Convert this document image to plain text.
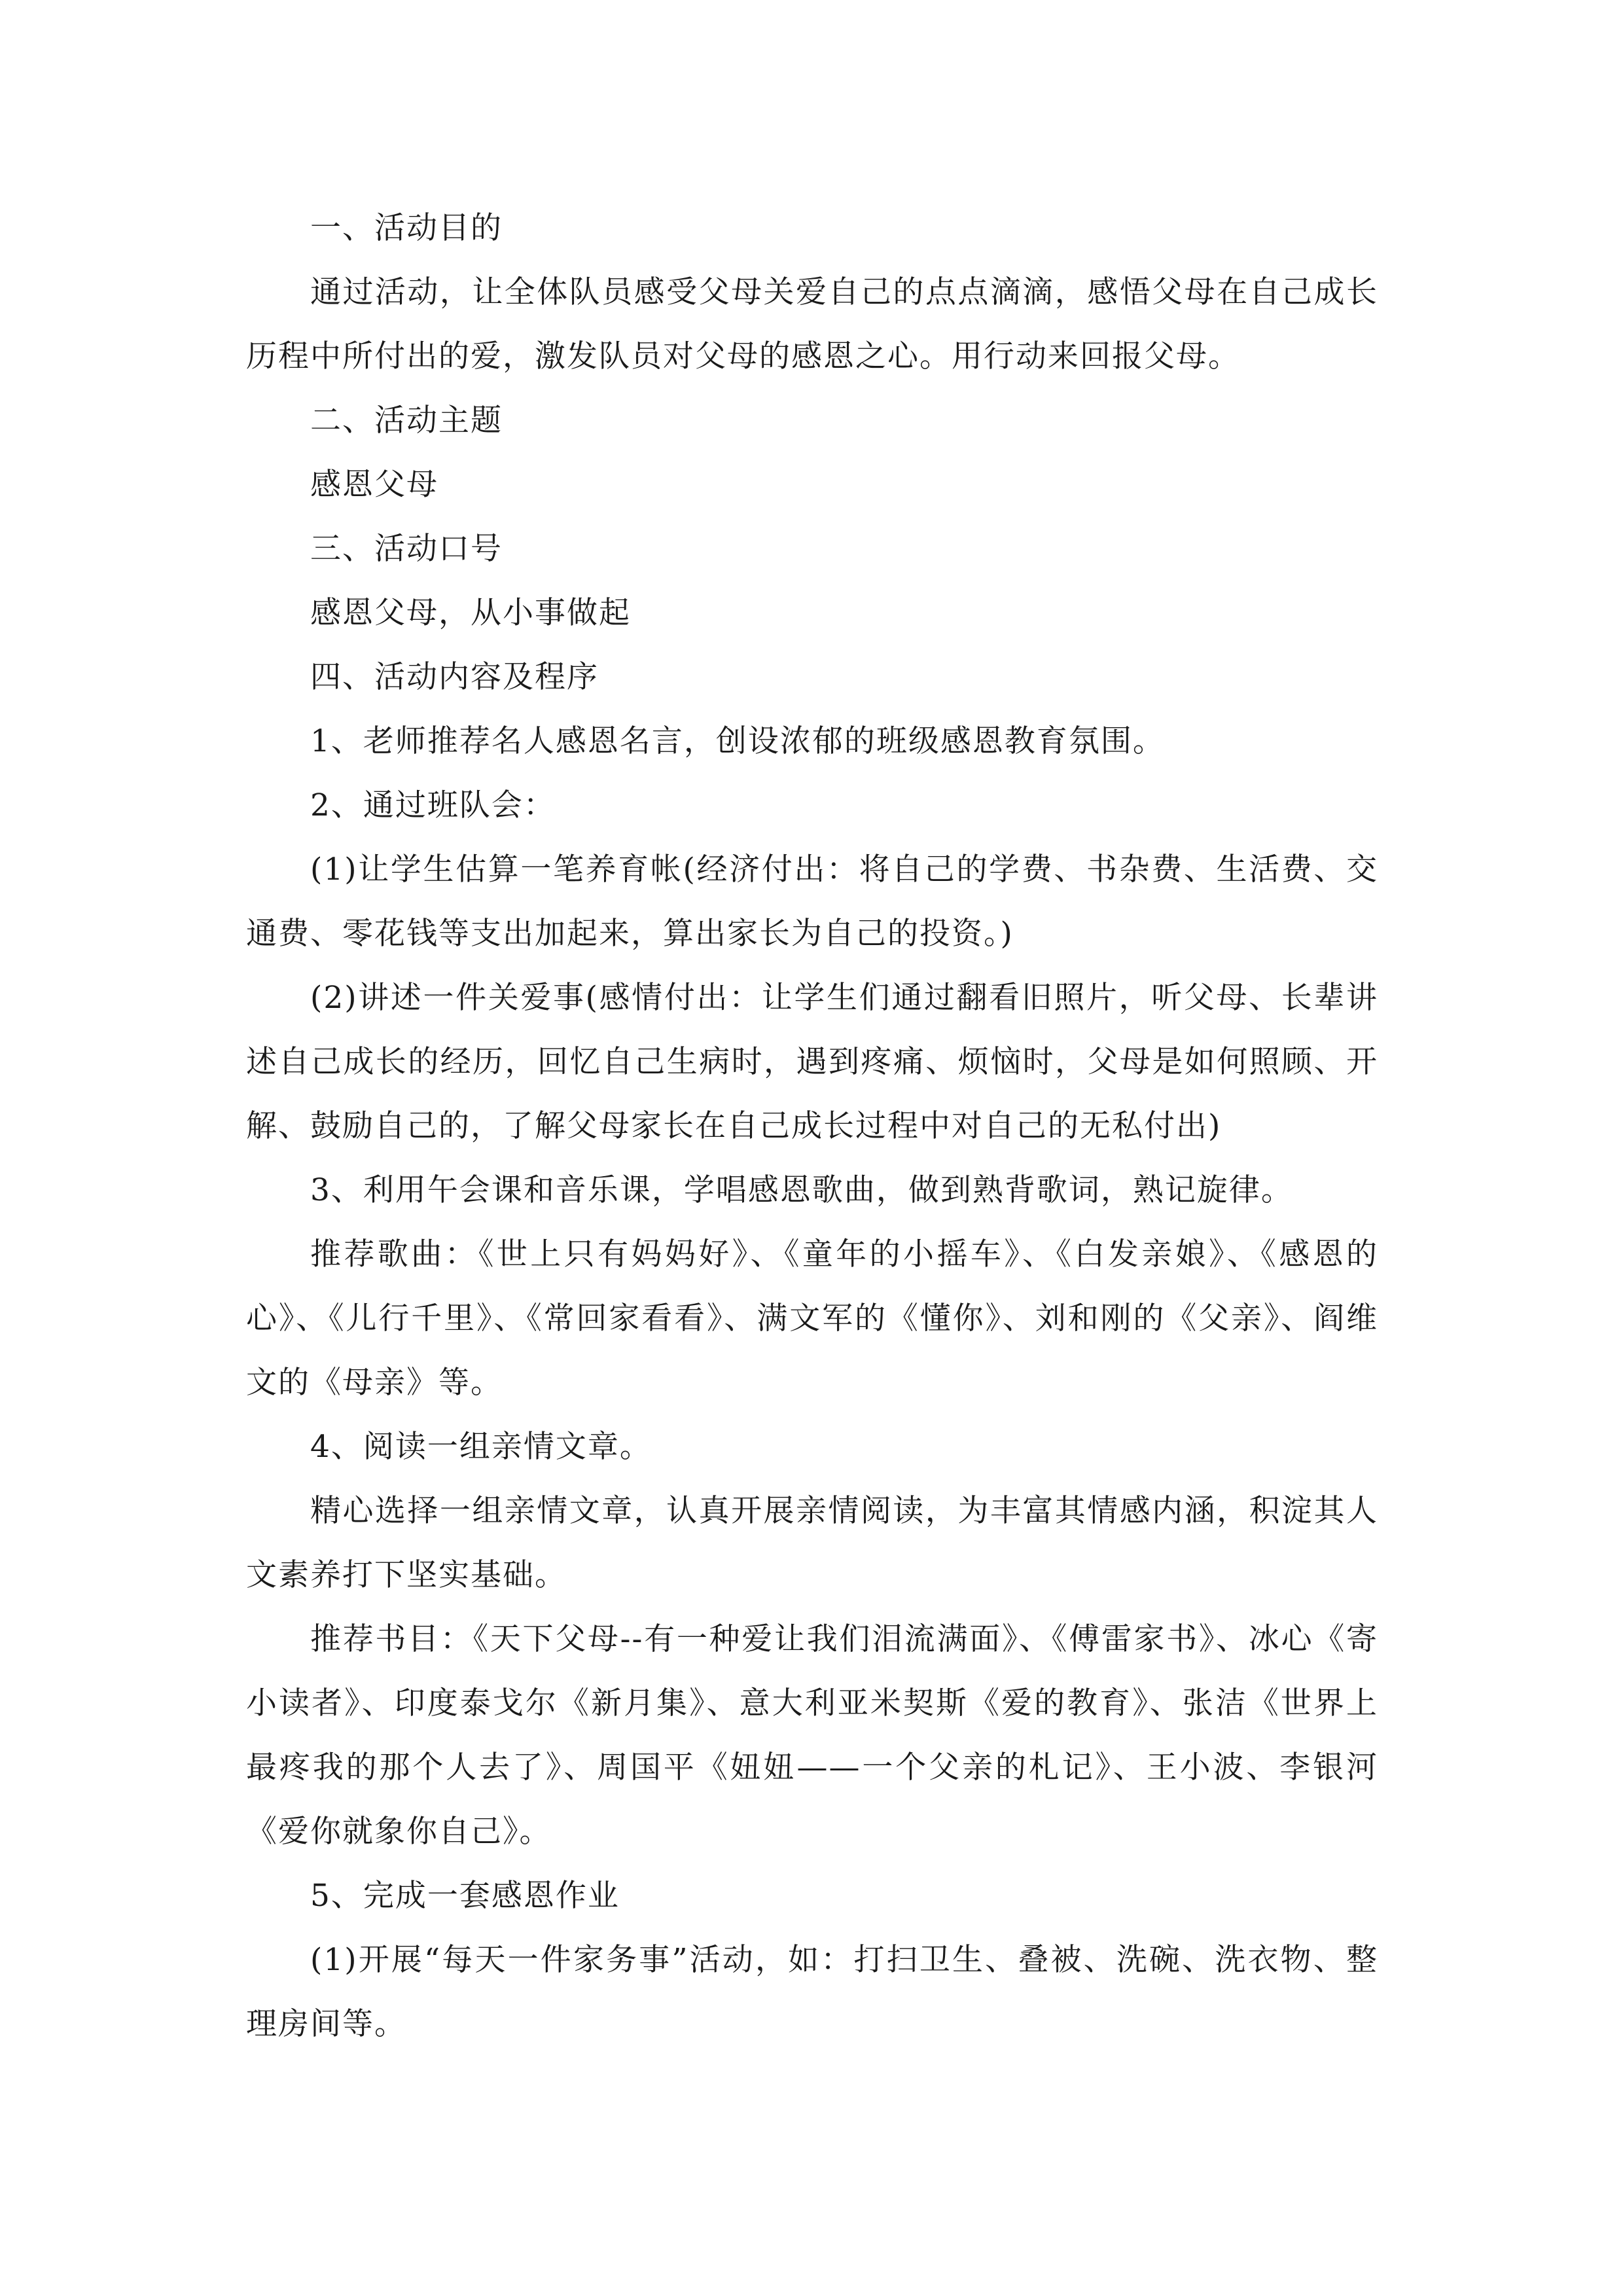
一、活动目的

通过活动，让全体队员感受父母关爱自己的点点滴滴，感悟父母在自己成长历程中所付出的爱，激发队员对父母的感恩之心。用行动来回报父母。

二、活动主题

感恩父母

三、活动口号

感恩父母，从小事做起

四、活动内容及程序

1、老师推荐名人感恩名言，创设浓郁的班级感恩教育氛围。

2、通过班队会：

(1)让学生估算一笔养育帐(经济付出：将自己的学费、书杂费、生活费、交通费、零花钱等支出加起来，算出家长为自己的投资。)

(2)讲述一件关爱事(感情付出：让学生们通过翻看旧照片，听父母、长辈讲述自己成长的经历，回忆自己生病时，遇到疼痛、烦恼时，父母是如何照顾、开解、鼓励自己的，了解父母家长在自己成长过程中对自己的无私付出)

3、利用午会课和音乐课，学唱感恩歌曲，做到熟背歌词，熟记旋律。

推荐歌曲：《世上只有妈妈好》、《童年的小摇车》、《白发亲娘》、《感恩的心》、《儿行千里》、《常回家看看》、满文军的《懂你》、刘和刚的《父亲》、阎维文的《母亲》等。

4、阅读一组亲情文章。

精心选择一组亲情文章，认真开展亲情阅读，为丰富其情感内涵，积淀其人文素养打下坚实基础。

推荐书目：《天下父母--有一种爱让我们泪流满面》、《傅雷家书》、冰心《寄小读者》、印度泰戈尔《新月集》、意大利亚米契斯《爱的教育》、张洁《世界上最疼我的那个人去了》、周国平《妞妞——一个父亲的札记》、王小波、李银河《爱你就象你自己》。

5、完成一套感恩作业

(1)开展“每天一件家务事”活动，如：打扫卫生、叠被、洗碗、洗衣物、整理房间等。
